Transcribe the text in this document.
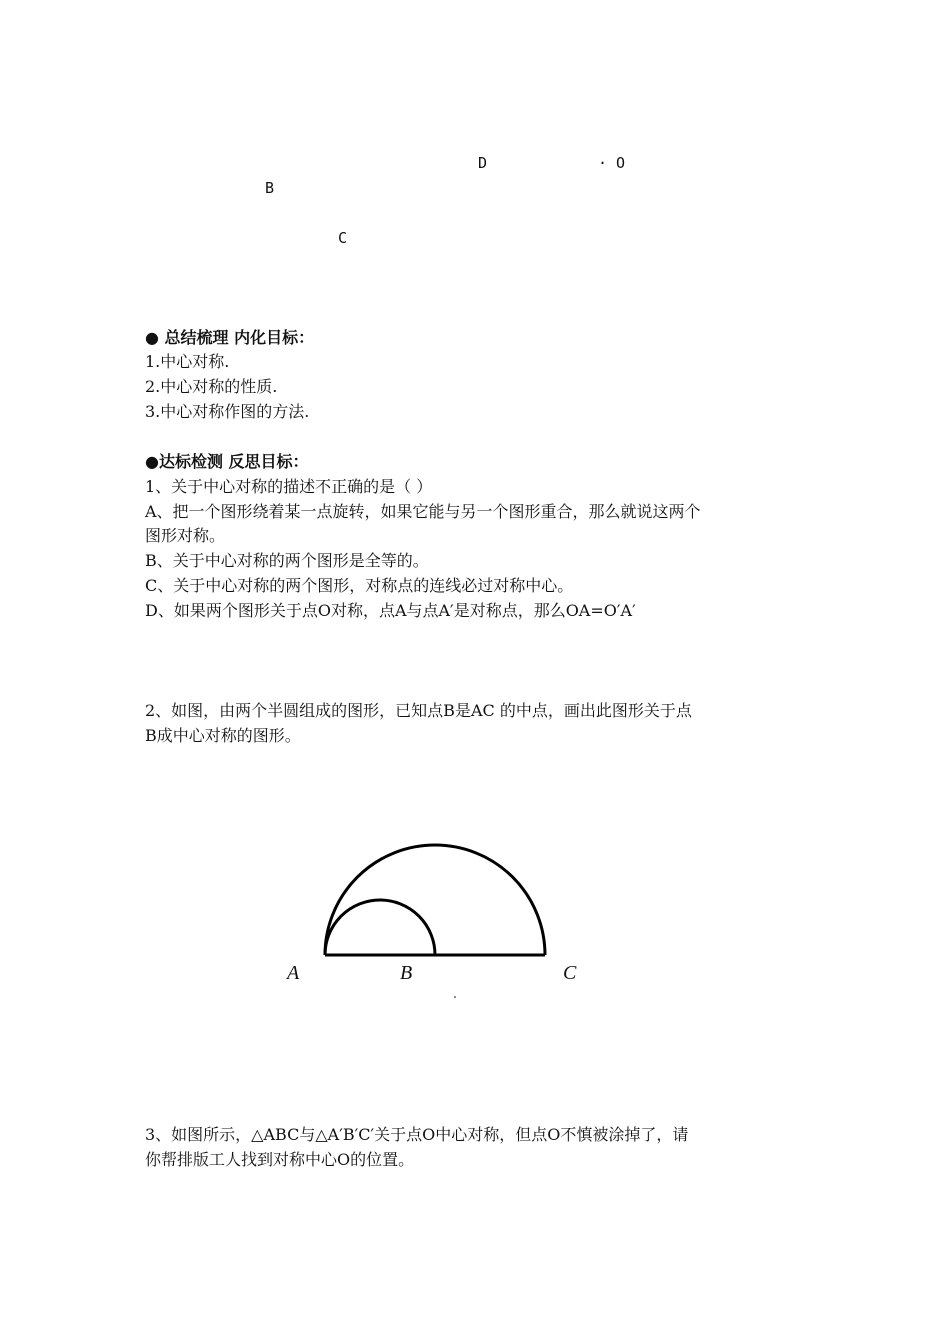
D	· O
B
C
● 总结梳理 内化目标：
1.中心对称.
2.中心对称的性质.
3.中心对称作图的方法.
●达标检测 反思目标：
1、关于中心对称的描述不正确的是（ ）
A、把一个图形绕着某一点旋转，如果它能与另一个图形重合，那么就说这两个
图形对称。
B、关于中心对称的两个图形是全等的。
C、关于中心对称的两个图形，对称点的连线必过对称中心。
D、如果两个图形关于点O对称，点A与点A′是对称点，那么OA=O′A′
2、如图，由两个半圆组成的图形，已知点B是AC 的中点，画出此图形关于点
B成中心对称的图形。
A	B	C
3、如图所示，△ABC与△A′B′C′关于点O中心对称，但点O不慎被涂掉了，请
你帮排版工人找到对称中心O的位置。
